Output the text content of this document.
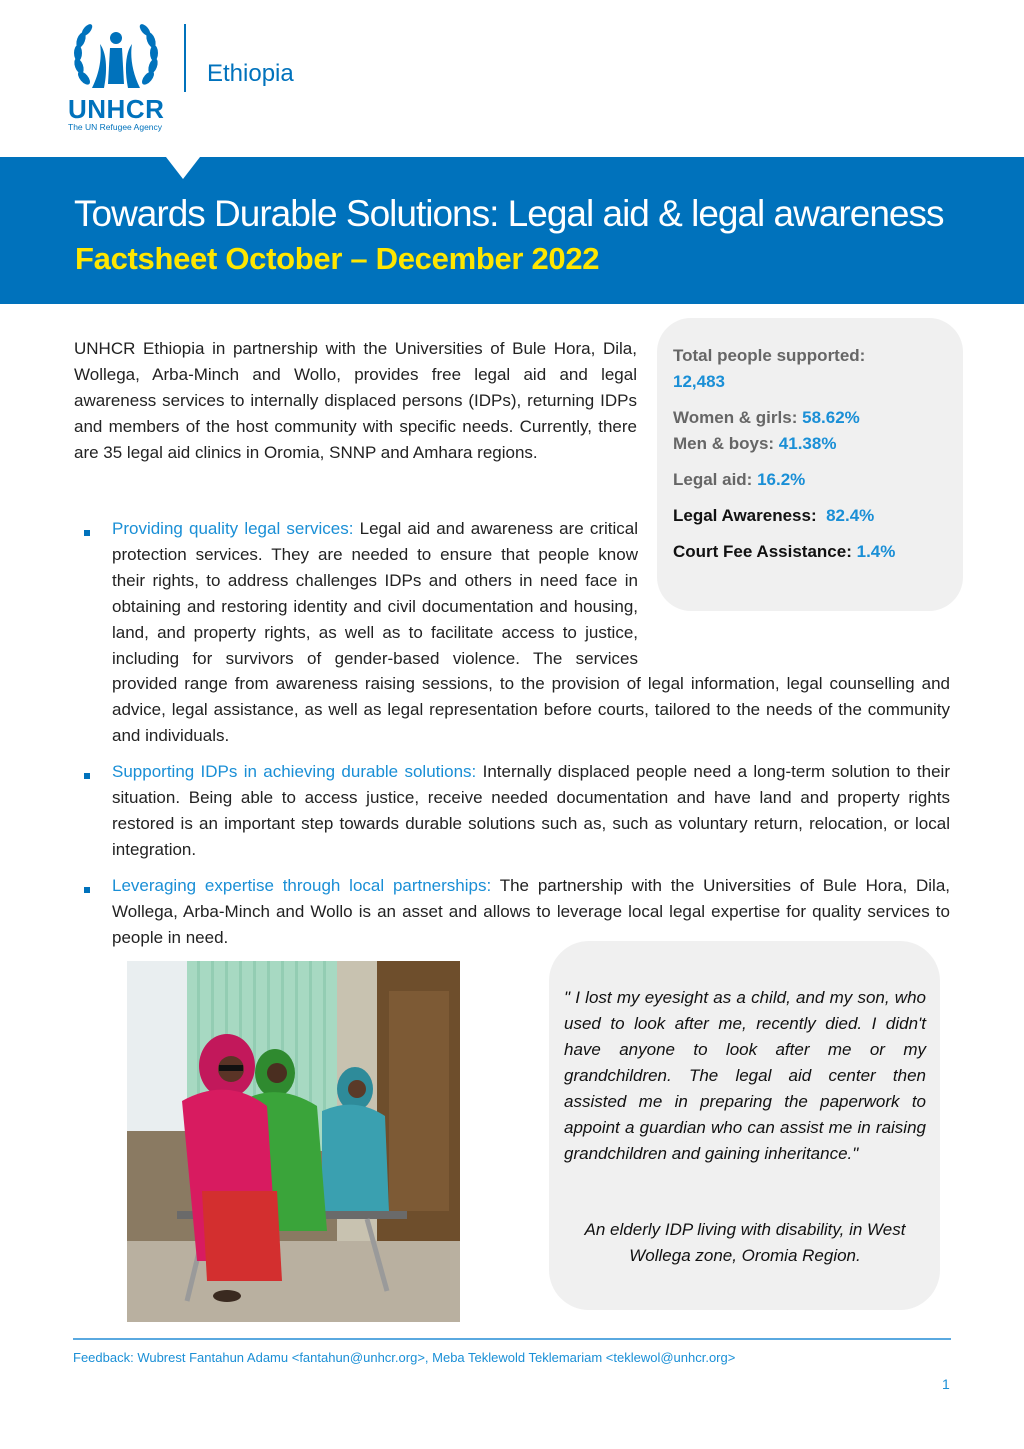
UNHCR
The UN Refugee Agency
Ethiopia
Towards Durable Solutions: Legal aid & legal awareness
Factsheet October – December 2022
UNHCR Ethiopia in partnership with the Universities of Bule Hora, Dila, Wollega, Arba-Minch and Wollo, provides free legal aid and legal awareness services to internally displaced persons (IDPs), returning IDPs and members of the host community with specific needs. Currently, there are 35 legal aid clinics in Oromia, SNNP and Amhara regions.
Total people supported:
12,483
Women & girls: 58.62%
Men & boys: 41.38%
Legal aid: 16.2%
Legal Awareness: 82.4%
Court Fee Assistance: 1.4%
Providing quality legal services: Legal aid and awareness are critical protection services. They are needed to ensure that people know their rights, to address challenges IDPs and others in need face in obtaining and restoring identity and civil documentation and housing, land, and property rights, as well as to facilitate access to justice, including for survivors of gender-based violence. The services provided range from awareness raising sessions, to the provision of legal information, legal counselling and advice, legal assistance, as well as legal representation before courts, tailored to the needs of the community and individuals.
Supporting IDPs in achieving durable solutions: Internally displaced people need a long-term solution to their situation. Being able to access justice, receive needed documentation and have land and property rights restored is an important step towards durable solutions such as, such as voluntary return, relocation, or local integration.
Leveraging expertise through local partnerships: The partnership with the Universities of Bule Hora, Dila, Wollega, Arba-Minch and Wollo is an asset and allows to leverage local legal expertise for quality services to people in need.
" I lost my eyesight as a child, and my son, who used to look after me, recently died. I didn't have anyone to look after me or my grandchildren. The legal aid center then assisted me in preparing the paperwork to appoint a guardian who can assist me in raising grandchildren and gaining inheritance."
An elderly IDP living with disability, in West Wollega zone, Oromia Region.
Feedback: Wubrest Fantahun Adamu <fantahun@unhcr.org>, Meba Teklewold Teklemariam <teklewol@unhcr.org>
1
